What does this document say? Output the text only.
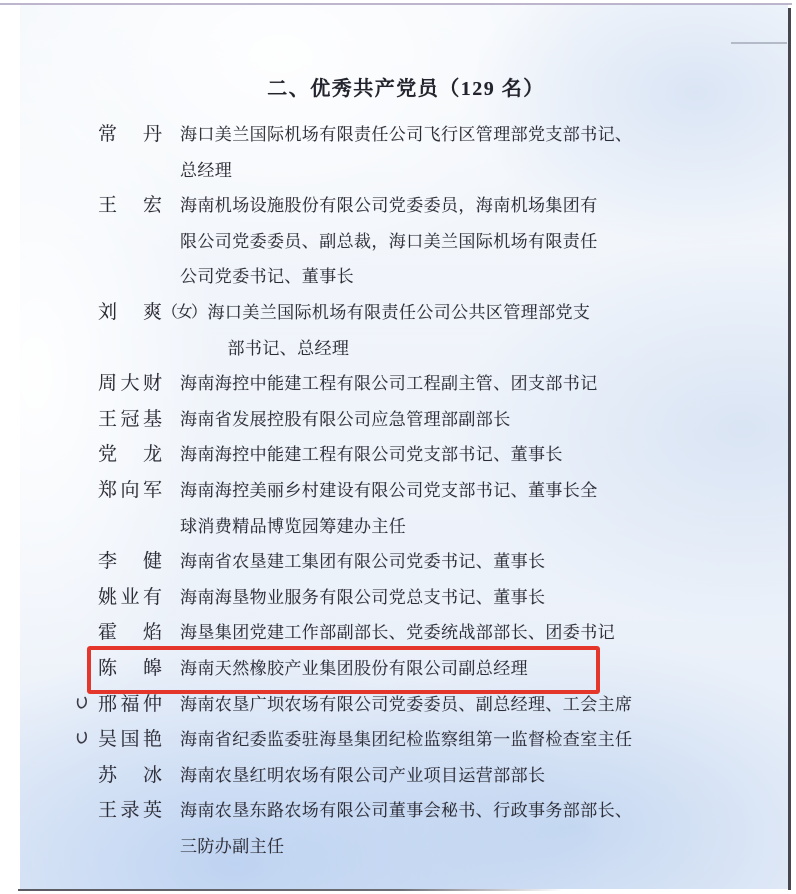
二、优秀共产党员（129 名）
常丹 海口美兰国际机场有限责任公司飞行区管理部党支部书记、
总经理
王宏 海南机场设施股份有限公司党委委员，海南机场集团有
限公司党委委员、副总裁，海口美兰国际机场有限责任
公司党委书记、董事长
刘爽 （女） 海口美兰国际机场有限责任公司公共区管理部党支
部书记、总经理
周大财 海南海控中能建工程有限公司工程副主管、团支部书记
王冠基 海南省发展控股有限公司应急管理部副部长
党龙 海南海控中能建工程有限公司党支部书记、董事长
郑向军 海南海控美丽乡村建设有限公司党支部书记、董事长全
球消费精品博览园筹建办主任
李健 海南省农垦建工集团有限公司党委书记、董事长
姚业有 海南海垦物业服务有限公司党总支书记、董事长
霍焰 海垦集团党建工作部副部长、党委统战部部长、团委书记
陈皞 海南天然橡胶产业集团股份有限公司副总经理
邢福仲 海南农垦广坝农场有限公司党委委员、副总经理、工会主席
吴国艳 海南省纪委监委驻海垦集团纪检监察组第一监督检查室主任
苏冰 海南农垦红明农场有限公司产业项目运营部部长
王录英 海南农垦东路农场有限公司董事会秘书、行政事务部部长、
三防办副主任
